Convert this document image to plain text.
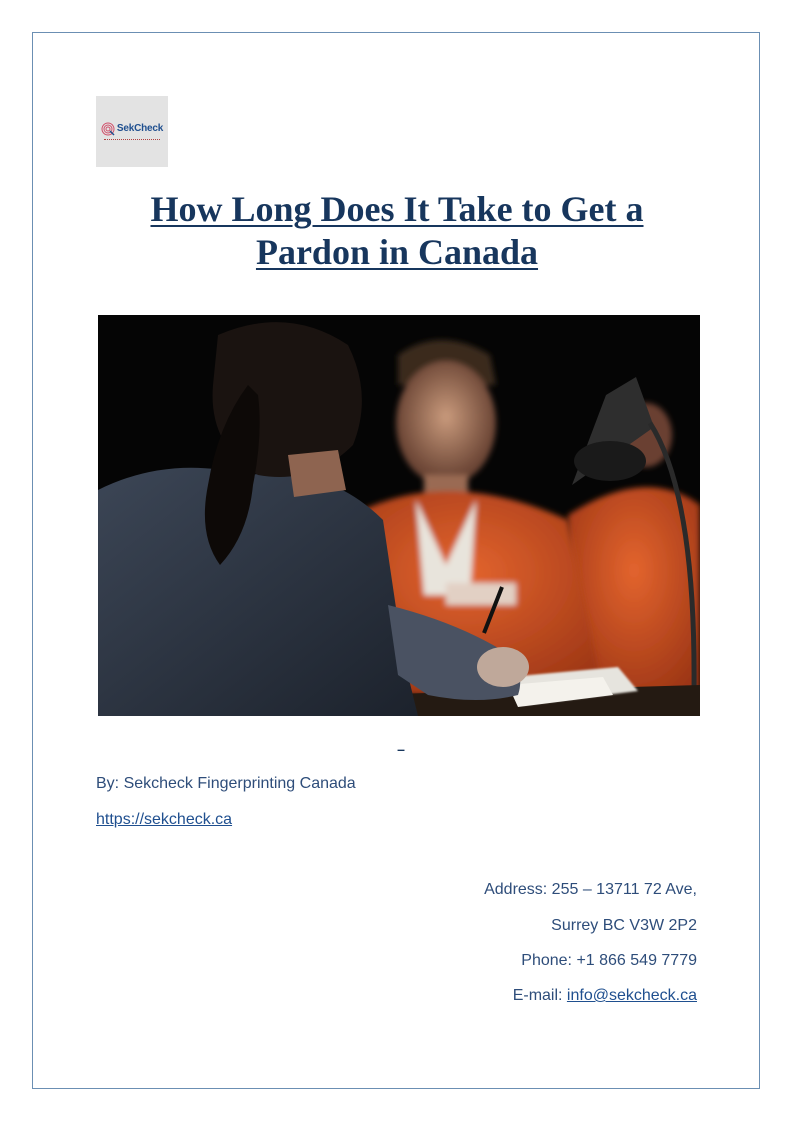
SekCheck
How Long Does It Take to Get a Pardon in Canada
–
By: Sekcheck Fingerprinting Canada
https://sekcheck.ca
Address: 255 – 13711 72 Ave,
Surrey BC V3W 2P2
Phone: +1 866 549 7779
E-mail: info@sekcheck.ca
